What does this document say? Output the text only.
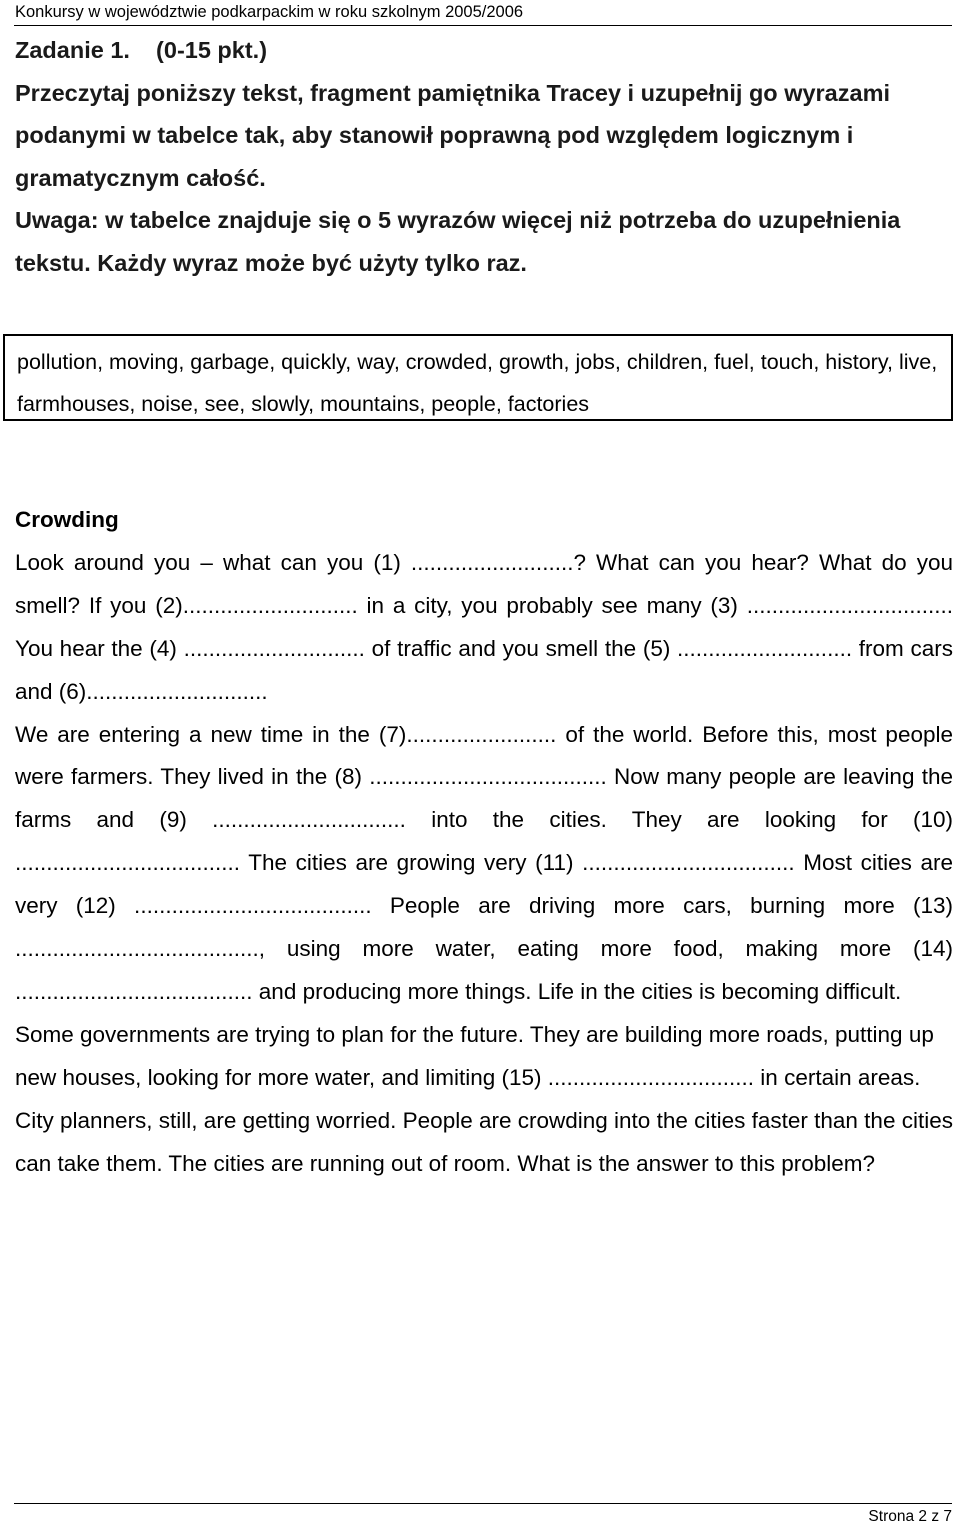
Konkursy w województwie podkarpackim w roku szkolnym 2005/2006
Zadanie 1.    (0-15 pkt.)
Przeczytaj poniższy tekst, fragment pamiętnika Tracey i uzupełnij go wyrazami podanymi w tabelce tak, aby stanowił poprawną pod względem logicznym i gramatycznym całość.
Uwaga: w tabelce znajduje się o 5 wyrazów więcej niż potrzeba do uzupełnienia tekstu. Każdy wyraz może być użyty tylko raz.
pollution, moving, garbage, quickly, way, crowded, growth, jobs, children, fuel, touch, history, live, farmhouses, noise, see, slowly, mountains, people, factories
Crowding

Look around you – what can you (1) ..........................? What can you hear? What do you smell? If you (2)............................ in a city, you probably see many (3) ................................. You hear the (4) ............................. of traffic and you smell the (5) ............................ from cars and (6).............................

We are entering a new time in the (7)........................ of the world. Before this, most people were farmers. They lived in the (8) ...................................... Now many people are leaving the farms and (9) ............................... into the cities. They are looking for (10) .................................... The cities are growing very (11) .................................. Most cities are very (12) ...................................... People are driving more cars, burning more (13) ......................................., using more water, eating more food, making more (14) ...................................... and producing more things. Life in the cities is becoming difficult.

Some governments are trying to plan for the future. They are building more roads, putting up new houses, looking for more water, and limiting (15) ................................. in certain areas. City planners, still, are getting worried. People are crowding into the cities faster than the cities can take them. The cities are running out of room. What is the answer to this problem?

Strona 2 z 7
